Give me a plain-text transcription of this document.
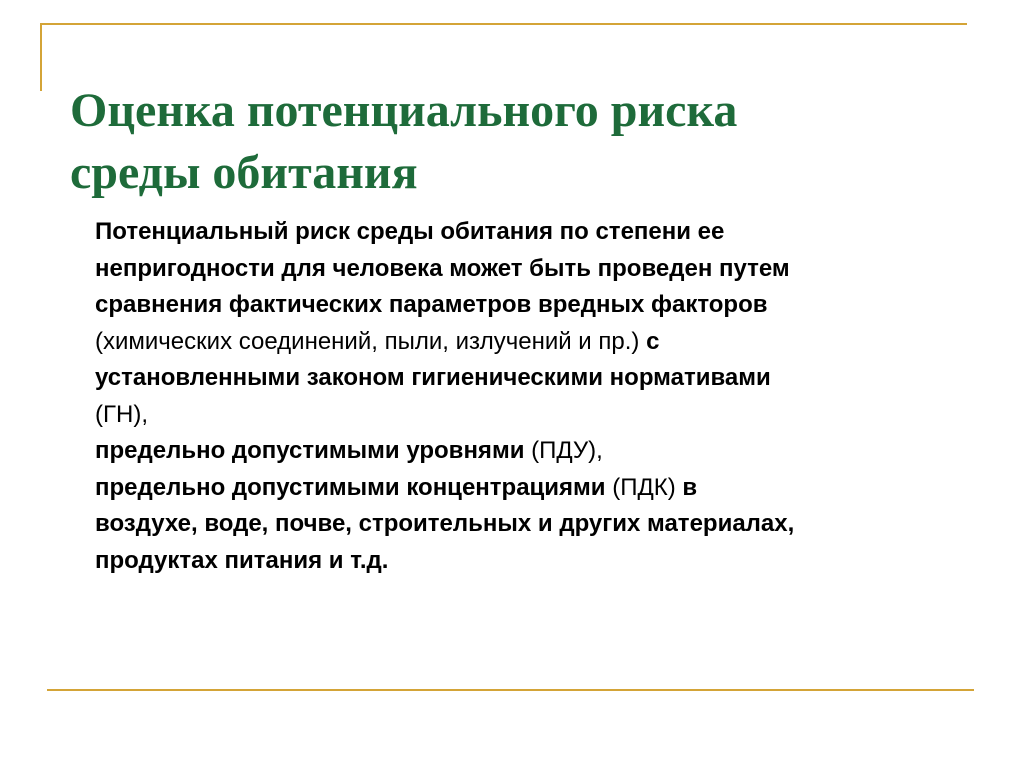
Оценка потенциального риска
среды обитания
Потенциальный риск среды обитания по степени ее
непригодности для человека может быть проведен путем
сравнения фактических параметров вредных факторов
(химических соединений, пыли, излучений и пр.) с
установленными законом гигиеническими нормативами
(ГН),
предельно допустимыми уровнями (ПДУ),
предельно допустимыми концентрациями (ПДК) в
воздухе, воде, почве, строительных и других материалах,
продуктах питания и т.д.
